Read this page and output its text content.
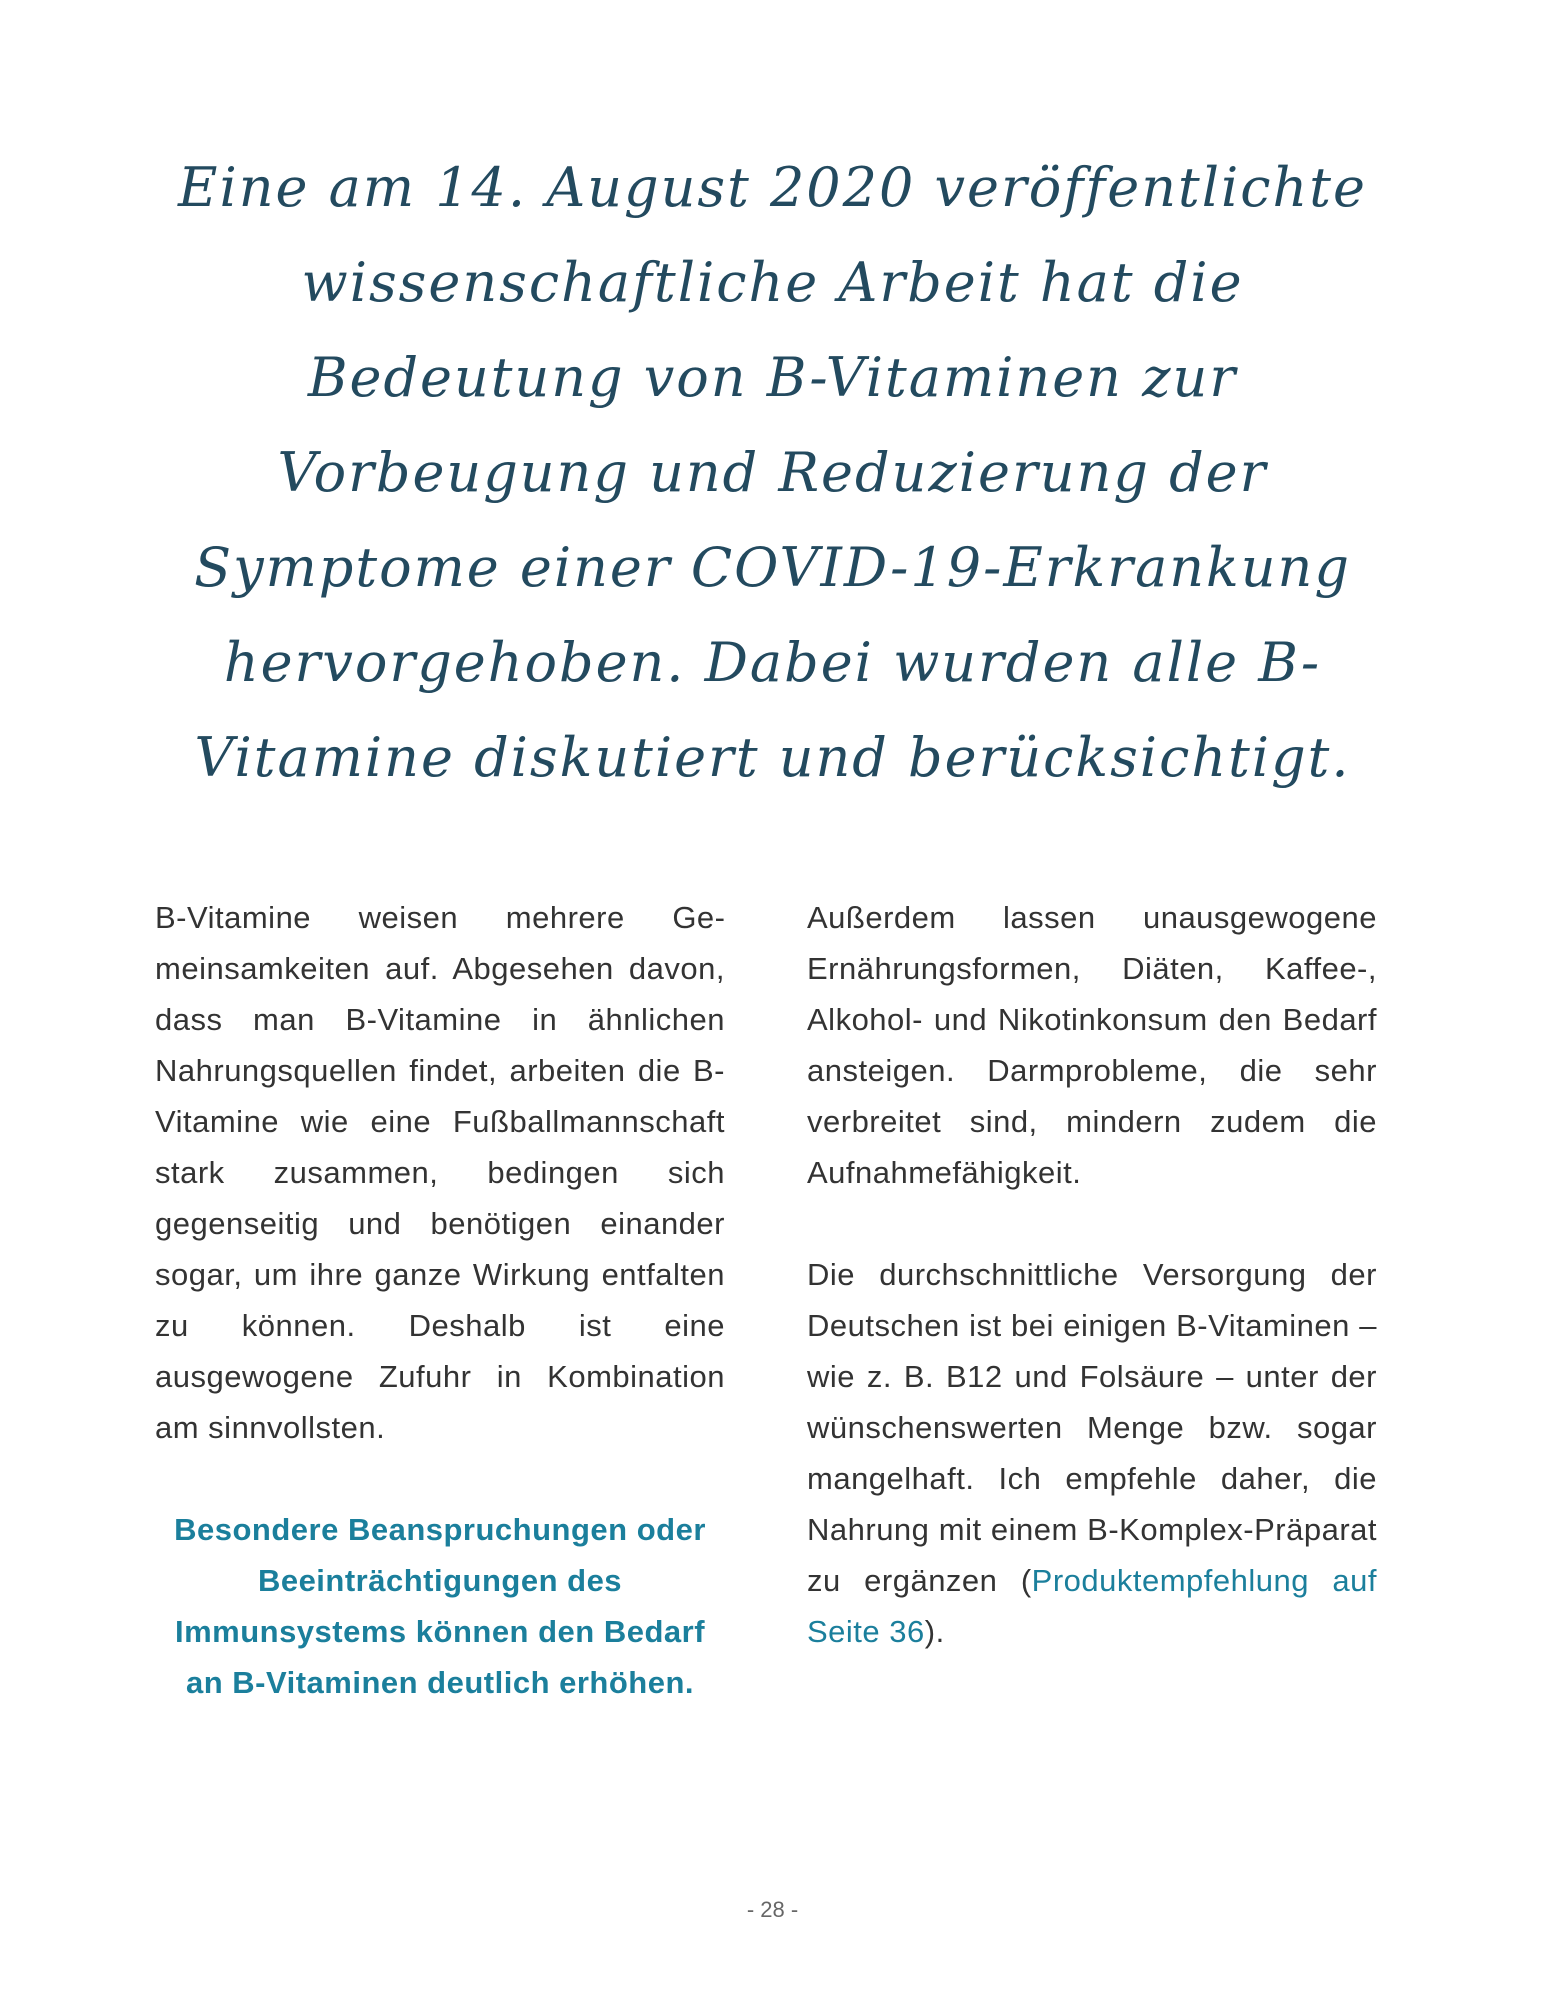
Eine am 14. August 2020 veröffentlichte wissenschaftliche Arbeit hat die Bedeutung von B-Vitaminen zur Vorbeugung und Reduzierung der Symptome einer COVID-19-Erkrankung hervorgehoben. Dabei wurden alle B-Vitamine diskutiert und berücksichtigt.

B-Vitamine weisen mehrere Gemeinsamkeiten auf. Abgesehen davon, dass man B-Vitamine in ähnlichen Nahrungsquellen findet, arbeiten die B-Vitamine wie eine Fußballmannschaft stark zusammen, bedingen sich gegenseitig und benötigen einander sogar, um ihre ganze Wirkung entfalten zu können. Deshalb ist eine ausgewogene Zufuhr in Kombination am sinnvollsten.

Besondere Beanspruchungen oder Beeinträchtigungen des Immunsystems können den Bedarf an B-Vitaminen deutlich erhöhen.

Außerdem lassen unausgewogene Ernährungsformen, Diäten, Kaffee-, Alkohol- und Nikotinkonsum den Bedarf ansteigen. Darmprobleme, die sehr verbreitet sind, mindern zudem die Aufnahmefähigkeit.

Die durchschnittliche Versorgung der Deutschen ist bei einigen B-Vitaminen – wie z. B. B12 und Folsäure – unter der wünschenswerten Menge bzw. sogar mangelhaft. Ich empfehle daher, die Nahrung mit einem B-Komplex-Präparat zu ergänzen (Produktempfehlung auf Seite 36).

- 28 -
